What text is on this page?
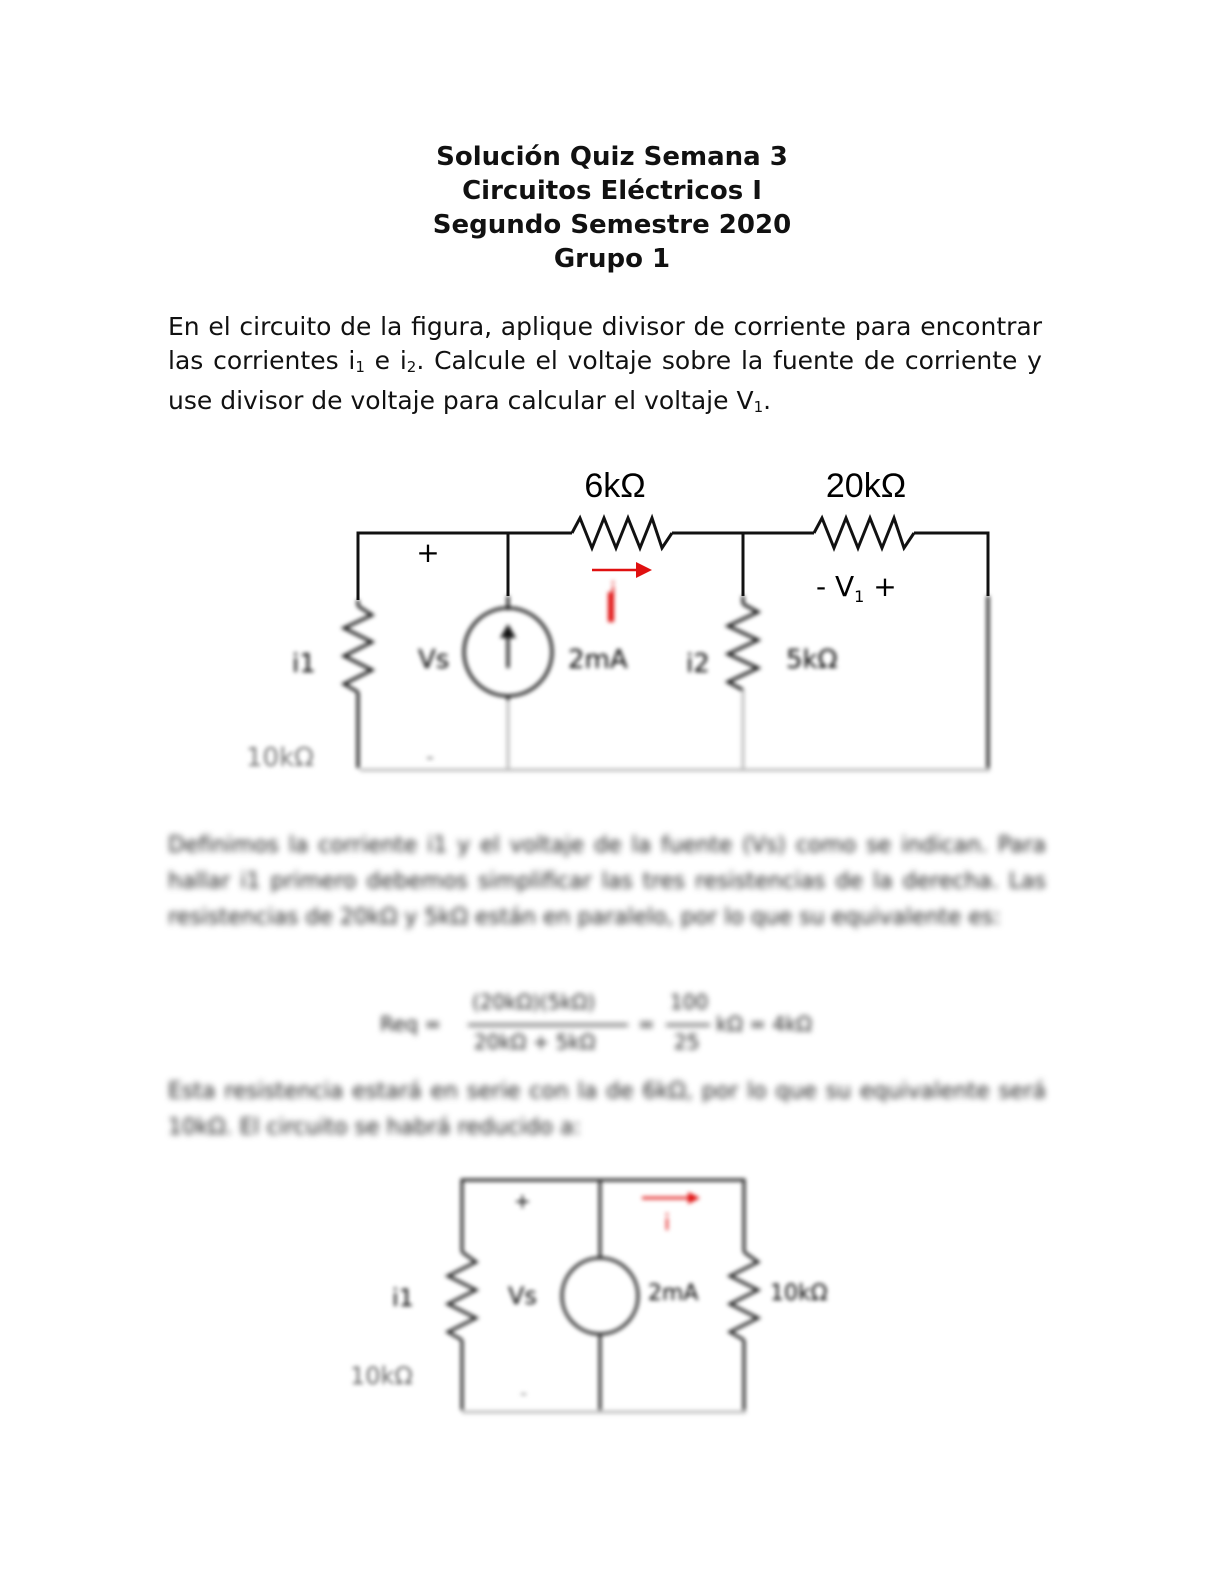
Solución Quiz Semana 3
Circuitos Eléctricos I
Segundo Semestre 2020
Grupo 1
En el circuito de la figura, aplique divisor de corriente para encontrar las corrientes $i_1$ e $i_2$. Calcule el voltaje sobre la fuente de corriente y use divisor de voltaje para calcular el voltaje $V_1$.
6kΩ	20kΩ
+
- $V_1$ +
i1	Vs	2mA i2	5kΩ
10kΩ	-
i
Definimos la corriente i1 y el voltaje de la fuente (Vs) como se indican. Para hallar i1 primero debemos simplificar las tres resistencias de la derecha. Las resistencias de 20kΩ y 5kΩ están en paralelo, por lo que su equivalente es:
Req =
(20kΩ)(5kΩ)
20kΩ + 5kΩ
=
100
25
kΩ = 4kΩ
Esta resistencia estará en serie con la de 6kΩ, por lo que su equivalente será 10kΩ. El circuito se habrá reducido a:
i
+
-
i1	Vs	2mA	10kΩ
10kΩ
